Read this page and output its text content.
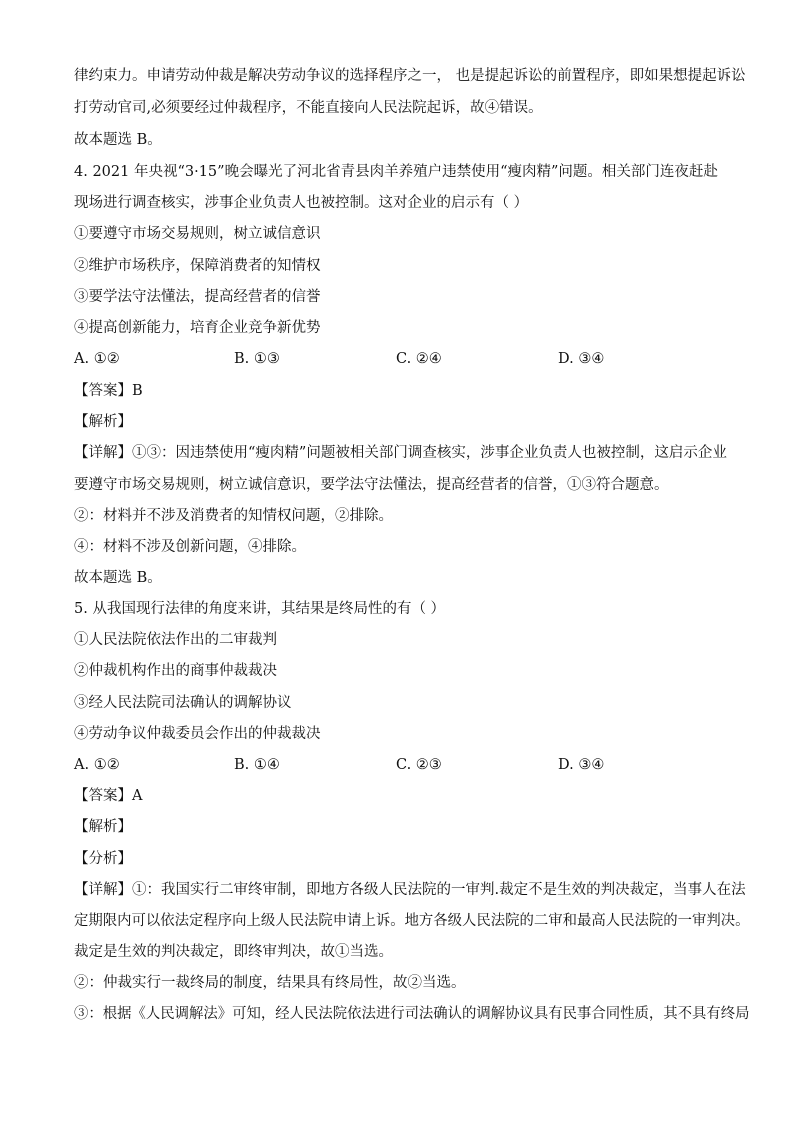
律约束力。申请劳动仲裁是解决劳动争议的选择程序之一， 也是提起诉讼的前置程序，即如果想提起诉讼
打劳动官司,必须要经过仲裁程序，不能直接向人民法院起诉，故④错误。
故本题选 B。
4. 2021 年央视“3·15”晚会曝光了河北省青县肉羊养殖户违禁使用“瘦肉精”问题。相关部门连夜赶赴
现场进行调查核实，涉事企业负责人也被控制。这对企业的启示有（ ）
①要遵守市场交易规则，树立诚信意识
②维护市场秩序，保障消费者的知情权
③要学法守法懂法，提高经营者的信誉
④提高创新能力，培育企业竞争新优势
A. ①②	B. ①③	C. ②④	D. ③④
【答案】B
【解析】
【详解】①③：因违禁使用“瘦肉精”问题被相关部门调查核实，涉事企业负责人也被控制，这启示企业
要遵守市场交易规则，树立诚信意识，要学法守法懂法，提高经营者的信誉，①③符合题意。
②：材料并不涉及消费者的知情权问题，②排除。
④：材料不涉及创新问题，④排除。
故本题选 B。
5. 从我国现行法律的角度来讲，其结果是终局性的有（ ）
①人民法院依法作出的二审裁判
②仲裁机构作出的商事仲裁裁决
③经人民法院司法确认的调解协议
④劳动争议仲裁委员会作出的仲裁裁决
A. ①②	B. ①④	C. ②③	D. ③④
【答案】A
【解析】
【分析】
【详解】①：我国实行二审终审制，即地方各级人民法院的一审判.裁定不是生效的判决裁定，当事人在法
定期限内可以依法定程序向上级人民法院申请上诉。地方各级人民法院的二审和最高人民法院的一审判决。
裁定是生效的判决裁定，即终审判决，故①当选。
②：仲裁实行一裁终局的制度，结果具有终局性，故②当选。
③：根据《人民调解法》可知，经人民法院依法进行司法确认的调解协议具有民事合同性质，其不具有终局
